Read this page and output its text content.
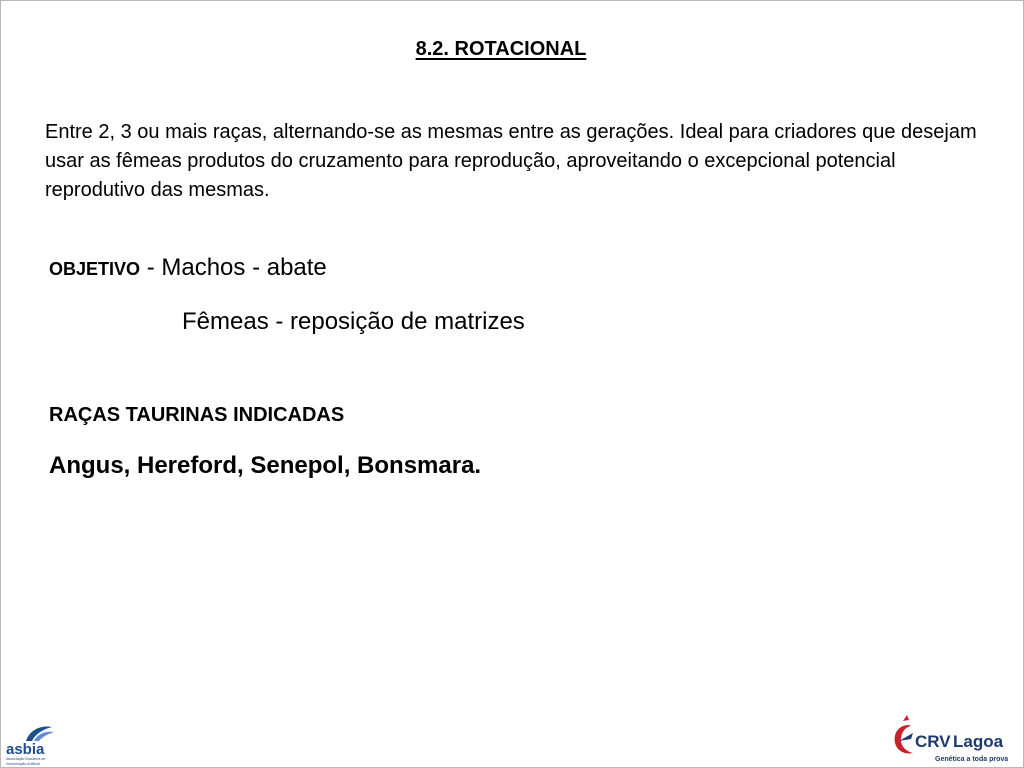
8.2. ROTACIONAL

Entre 2, 3 ou mais raças, alternando-se as mesmas entre as gerações. Ideal para criadores que desejam usar as fêmeas produtos do cruzamento para reprodução, aproveitando o excepcional potencial reprodutivo das mesmas.

OBJETIVO - Machos - abate

Fêmeas - reposição de matrizes

RAÇAS TAURINAS INDICADAS

Angus, Hereford, Senepol, Bonsmara.

asbia
Associação Brasileira de
Inseminação Artificial
CRV Lagoa
Genética a toda prova
